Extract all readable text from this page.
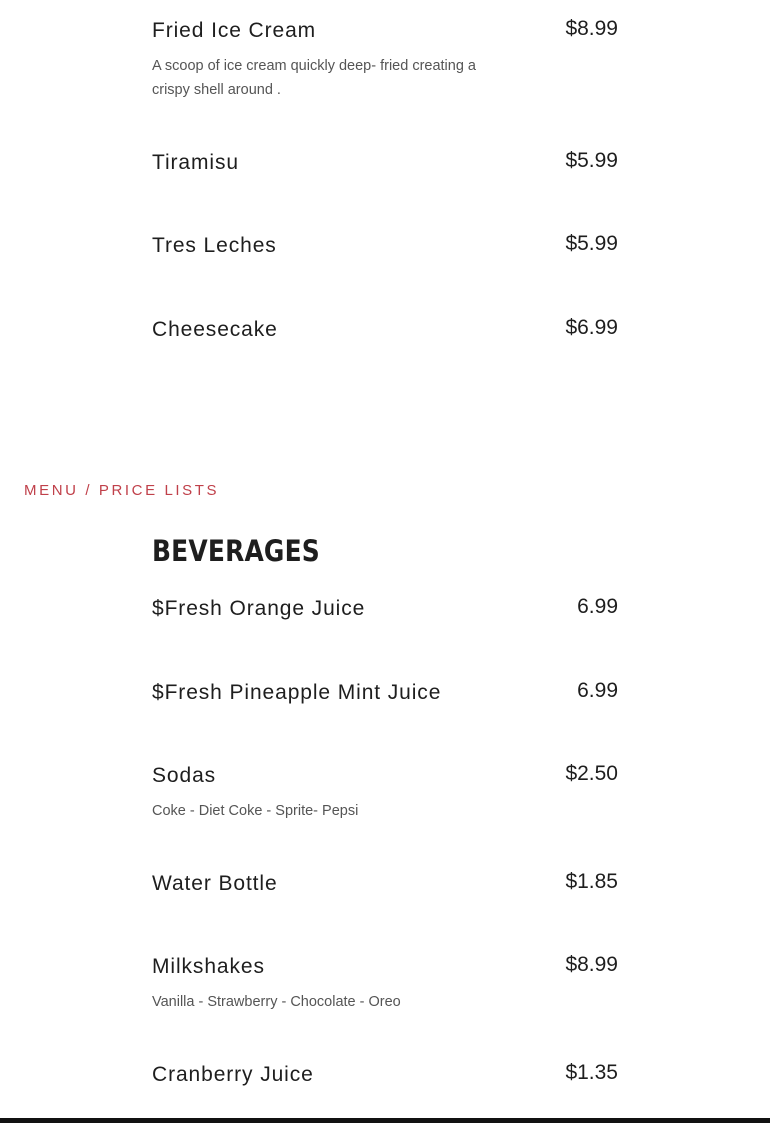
Fried Ice Cream	$8.99
A scoop of ice cream quickly deep- fried creating a crispy shell around .
Tiramisu	$5.99
Tres Leches	$5.99
Cheesecake	$6.99
MENU / PRICE LISTS
BEVERAGES
$Fresh Orange Juice	6.99
$Fresh Pineapple Mint Juice	6.99
Sodas	$2.50
Coke - Diet Coke - Sprite- Pepsi
Water Bottle	$1.85
Milkshakes	$8.99
Vanilla - Strawberry - Chocolate - Oreo
Cranberry Juice	$1.35
